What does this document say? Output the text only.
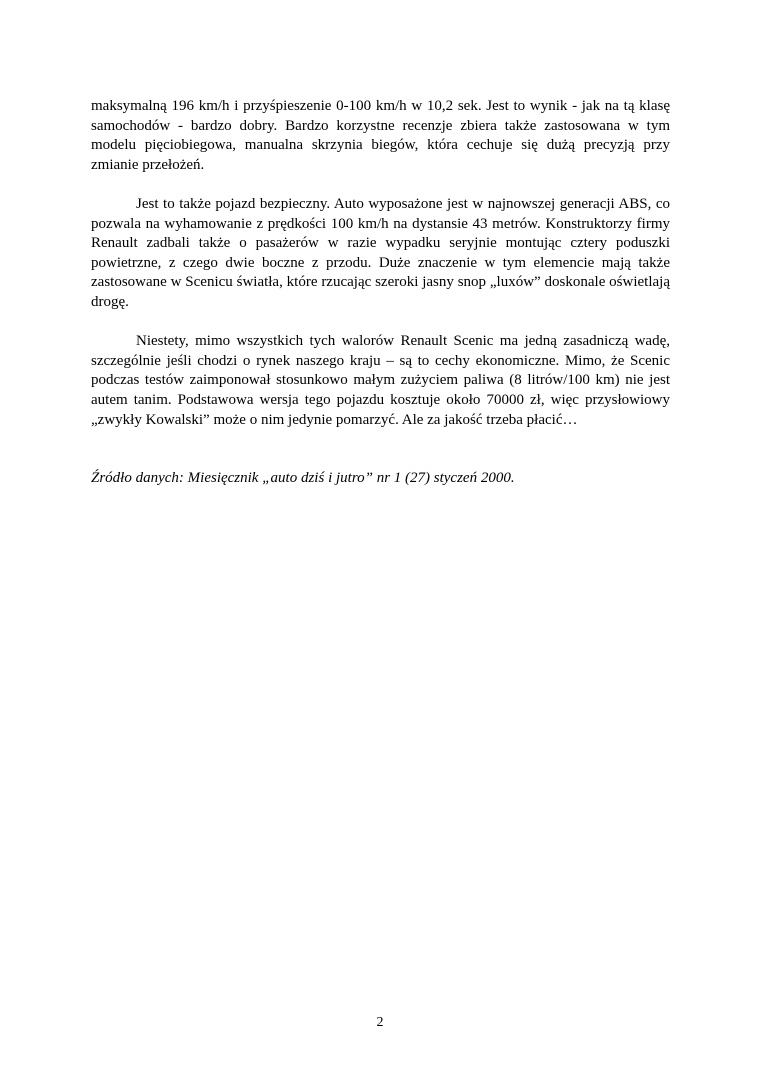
maksymalną 196 km/h i przyśpieszenie 0-100 km/h w 10,2 sek. Jest to wynik - jak na tą klasę samochodów - bardzo dobry. Bardzo korzystne recenzje zbiera także zastosowana w tym modelu pięciobiegowa, manualna skrzynia biegów, która cechuje się dużą precyzją przy zmianie przełożeń.

Jest to także pojazd bezpieczny. Auto wyposażone jest w najnowszej generacji ABS, co pozwala na wyhamowanie z prędkości 100 km/h na dystansie 43 metrów. Konstruktorzy firmy Renault zadbali także o pasażerów w razie wypadku seryjnie montując cztery poduszki powietrzne, z czego dwie boczne z przodu. Duże znaczenie w tym elemencie mają także zastosowane w Scenicu światła, które rzucając szeroki jasny snop „luxów” doskonale oświetlają drogę.

Niestety, mimo wszystkich tych walorów Renault Scenic ma jedną zasadniczą wadę, szczególnie jeśli chodzi o rynek naszego kraju – są to cechy ekonomiczne. Mimo, że Scenic podczas testów zaimponował stosunkowo małym zużyciem paliwa (8 litrów/100 km) nie jest autem tanim. Podstawowa wersja tego pojazdu kosztuje około 70000 zł, więc przysłowiowy „zwykły Kowalski” może o nim jedynie pomarzyć. Ale za jakość trzeba płacić…

Źródło danych: Miesięcznik „auto dziś i jutro” nr 1 (27) styczeń 2000.

2
